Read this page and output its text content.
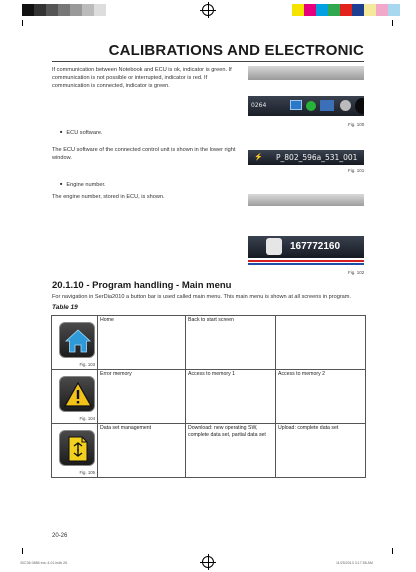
CALIBRATIONS AND ELECTRONIC
If communication between Notebook and ECU is ok, indicator is green. If communication is not possible or interrupted, indicator is red. If communication is connected, indicator is green.
0264
Fig. 100
■ ECU software.
The ECU software of the connected control unit is shown in the lower right window.	⚡ P_802_596a_531_001
Fig. 101
■ Engine number.
The engine number, stored in ECU, is shown.
167772160
Fig. 102
20.1.10 - Program handling - Main menu
For navigation in SerDia2010 a button bar is used called main menu. This main menu is shown at all screens in program.
Table 19
Fig. 103	Home	Back to start screen	

Fig. 104	Error memory	Access to memory 1	Access to memory 2

Fig. 105	Data set management	Download: new operating SW, complete data set, partial data set	Upload: complete data set
20-26
30C36 0886 ecu 4.01.indb 26	11/25/2013 3:17:56 AM
